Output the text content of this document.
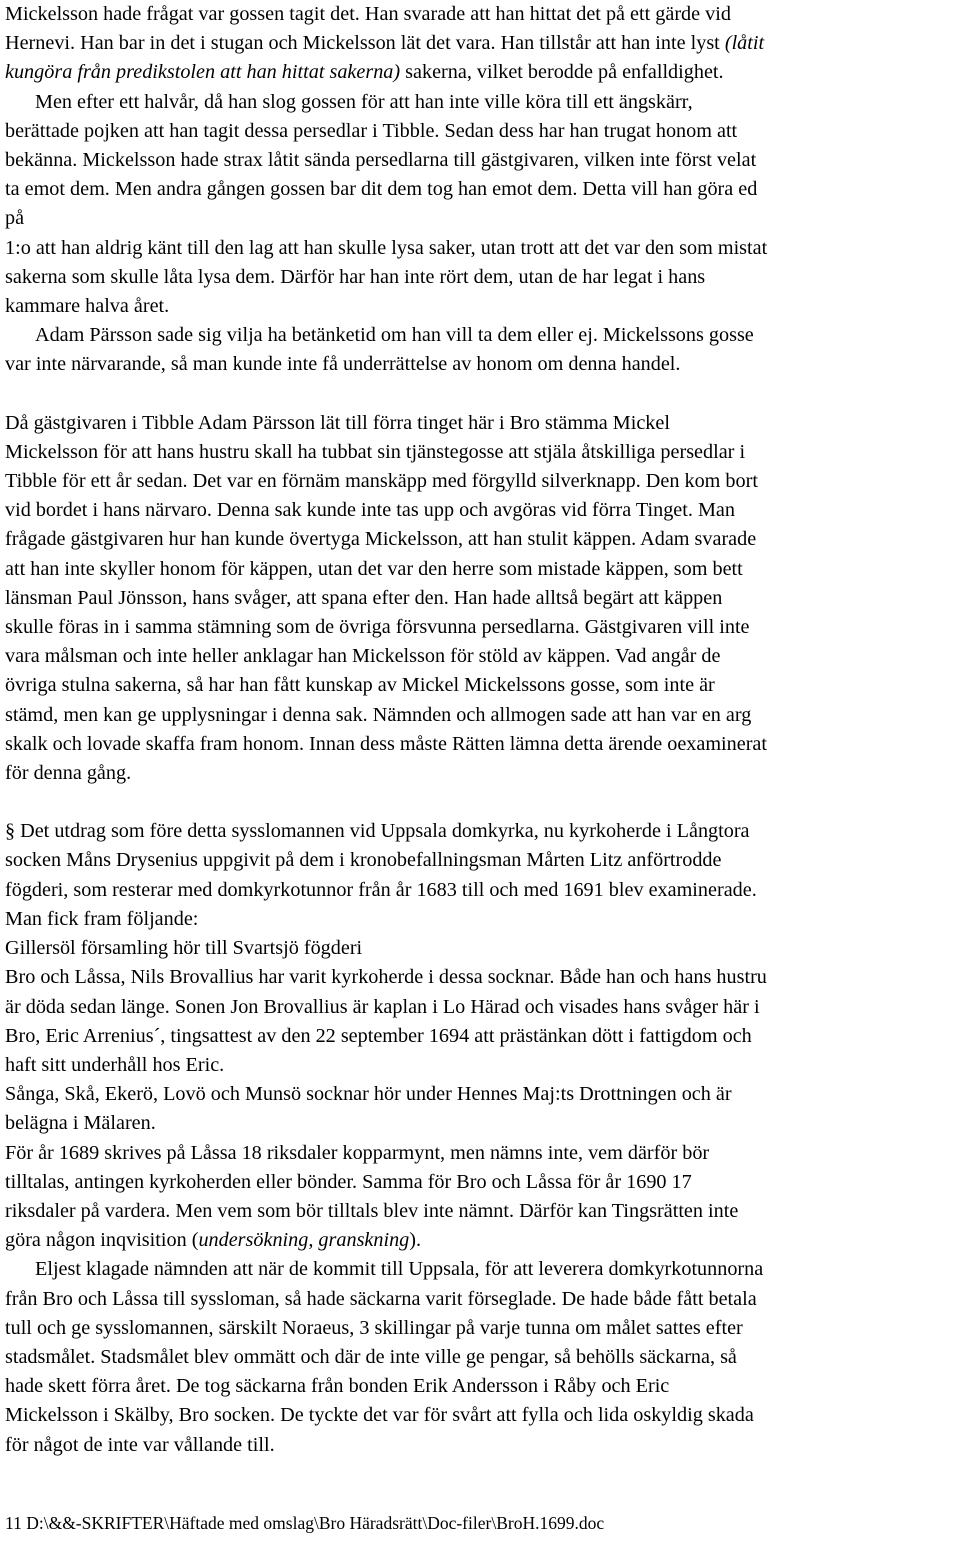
Mickelsson hade frågat var gossen tagit det. Han svarade att han hittat det på ett gärde vid
Hernevi. Han bar in det i stugan och Mickelsson lät det vara. Han tillstår att han inte lyst (låtit
kungöra från predikstolen att han hittat sakerna) sakerna, vilket berodde på enfalldighet.
Men efter ett halvår, då han slog gossen för att han inte ville köra till ett ängskärr,
berättade pojken att han tagit dessa persedlar i Tibble. Sedan dess har han trugat honom att
bekänna. Mickelsson hade strax låtit sända persedlarna till gästgivaren, vilken inte först velat
ta emot dem. Men andra gången gossen bar dit dem tog han emot dem. Detta vill han göra ed
på
1:o att han aldrig känt till den lag att han skulle lysa saker, utan trott att det var den som mistat
sakerna som skulle låta lysa dem. Därför har han inte rört dem, utan de har legat i hans
kammare halva året.
Adam Pärsson sade sig vilja ha betänketid om han vill ta dem eller ej. Mickelssons gosse
var inte närvarande, så man kunde inte få underrättelse av honom om denna handel.
Då gästgivaren i Tibble Adam Pärsson lät till förra tinget här i Bro stämma Mickel
Mickelsson för att hans hustru skall ha tubbat sin tjänstegosse att stjäla åtskilliga persedlar i
Tibble för ett år sedan. Det var en förnäm manskäpp med förgylld silverknapp. Den kom bort
vid bordet i hans närvaro. Denna sak kunde inte tas upp och avgöras vid förra Tinget. Man
frågade gästgivaren hur han kunde övertyga Mickelsson, att han stulit käppen. Adam svarade
att han inte skyller honom för käppen, utan det var den herre som mistade käppen, som bett
länsman Paul Jönsson, hans svåger, att spana efter den. Han hade alltså begärt att käppen
skulle föras in i samma stämning som de övriga försvunna persedlarna. Gästgivaren vill inte
vara målsman och inte heller anklagar han Mickelsson för stöld av käppen. Vad angår de
övriga stulna sakerna, så har han fått kunskap av Mickel Mickelssons gosse, som inte är
stämd, men kan ge upplysningar i denna sak. Nämnden och allmogen sade att han var en arg
skalk och lovade skaffa fram honom. Innan dess måste Rätten lämna detta ärende oexaminerat
för denna gång.
§ Det utdrag som före detta sysslomannen vid Uppsala domkyrka, nu kyrkoherde i Långtora
socken Måns Drysenius uppgivit på dem i kronobefallningsman Mårten Litz anförtrodde
fögderi, som resterar med domkyrkotunnor från år 1683 till och med 1691 blev examinerade.
Man fick fram följande:
Gillersöl församling hör till Svartsjö fögderi
Bro och Låssa, Nils Brovallius har varit kyrkoherde i dessa socknar. Både han och hans hustru
är döda sedan länge. Sonen Jon Brovallius är kaplan i Lo Härad och visades hans svåger här i
Bro, Eric Arrenius´, tingsattest av den 22 september 1694 att prästänkan dött i fattigdom och
haft sitt underhåll hos Eric.
Sånga, Skå, Ekerö, Lovö och Munsö socknar hör under Hennes Maj:ts Drottningen och är
belägna i Mälaren.
För år 1689 skrives på Låssa 18 riksdaler kopparmynt, men nämns inte, vem därför bör
tilltalas, antingen kyrkoherden eller bönder. Samma för Bro och Låssa för år 1690 17
riksdaler på vardera. Men vem som bör tilltals blev inte nämnt. Därför kan Tingsrätten inte
göra någon inqvisition (undersökning, granskning).
Eljest klagade nämnden att när de kommit till Uppsala, för att leverera domkyrkotunnorna
från Bro och Låssa till syssloman, så hade säckarna varit förseglade. De hade både fått betala
tull och ge sysslomannen, särskilt Noraeus, 3 skillingar på varje tunna om målet sattes efter
stadsmålet. Stadsmålet blev ommätt och där de inte ville ge pengar, så behölls säckarna, så
hade skett förra året. De tog säckarna från bonden Erik Andersson i Råby och Eric
Mickelsson i Skälby, Bro socken. De tyckte det var för svårt att fylla och lida oskyldig skada
för något de inte var vållande till.
11 D:\&&-SKRIFTER\Häftade med omslag\Bro Häradsrätt\Doc-filer\BroH.1699.doc
